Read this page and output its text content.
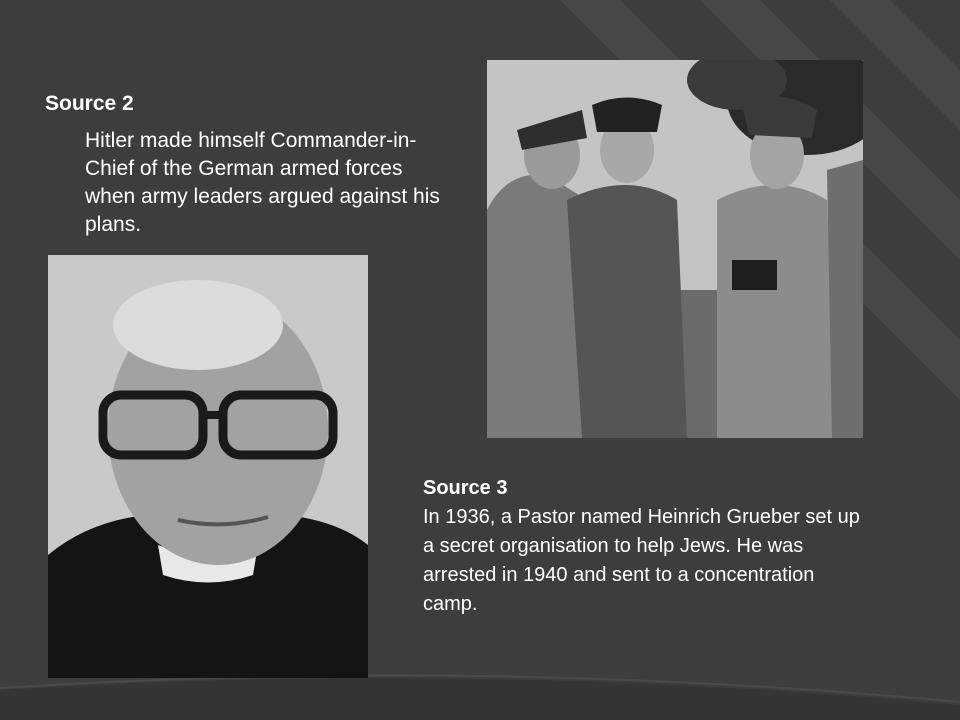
Source 2
Hitler made himself Commander-in-Chief of the German armed forces when army leaders argued against his plans.
Source 3
In 1936, a Pastor named Heinrich Grueber set up a secret organisation to help Jews. He was arrested in 1940 and sent to a concentration camp.
